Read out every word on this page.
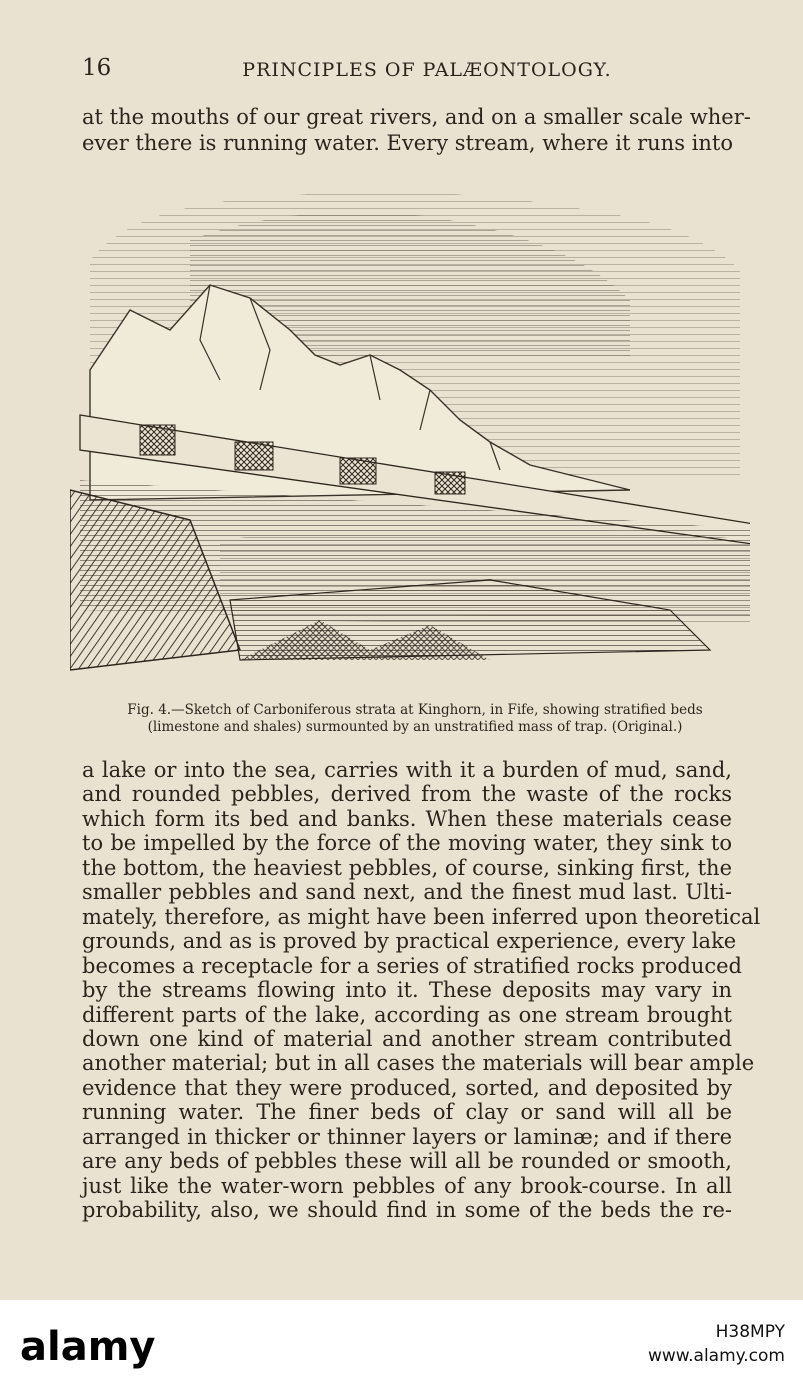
16	PRINCIPLES OF PALÆONTOLOGY.
at the mouths of our great rivers, and on a smaller scale wher-
ever there is running water. Every stream, where it runs into
Fig. 4.—Sketch of Carboniferous strata at Kinghorn, in Fife, showing stratified beds
(limestone and shales) surmounted by an unstratified mass of trap. (Original.)
a lake or into the sea, carries with it a burden of mud, sand,
and rounded pebbles, derived from the waste of the rocks
which form its bed and banks. When these materials cease
to be impelled by the force of the moving water, they sink to
the bottom, the heaviest pebbles, of course, sinking first, the
smaller pebbles and sand next, and the finest mud last. Ulti-
mately, therefore, as might have been inferred upon theoretical
grounds, and as is proved by practical experience, every lake
becomes a receptacle for a series of stratified rocks produced
by the streams flowing into it. These deposits may vary in
different parts of the lake, according as one stream brought
down one kind of material and another stream contributed
another material; but in all cases the materials will bear ample
evidence that they were produced, sorted, and deposited by
running water. The finer beds of clay or sand will all be
arranged in thicker or thinner layers or laminæ; and if there
are any beds of pebbles these will all be rounded or smooth,
just like the water-worn pebbles of any brook-course. In all
probability, also, we should find in some of the beds the re-
alamy	H38MPY
www.alamy.com
